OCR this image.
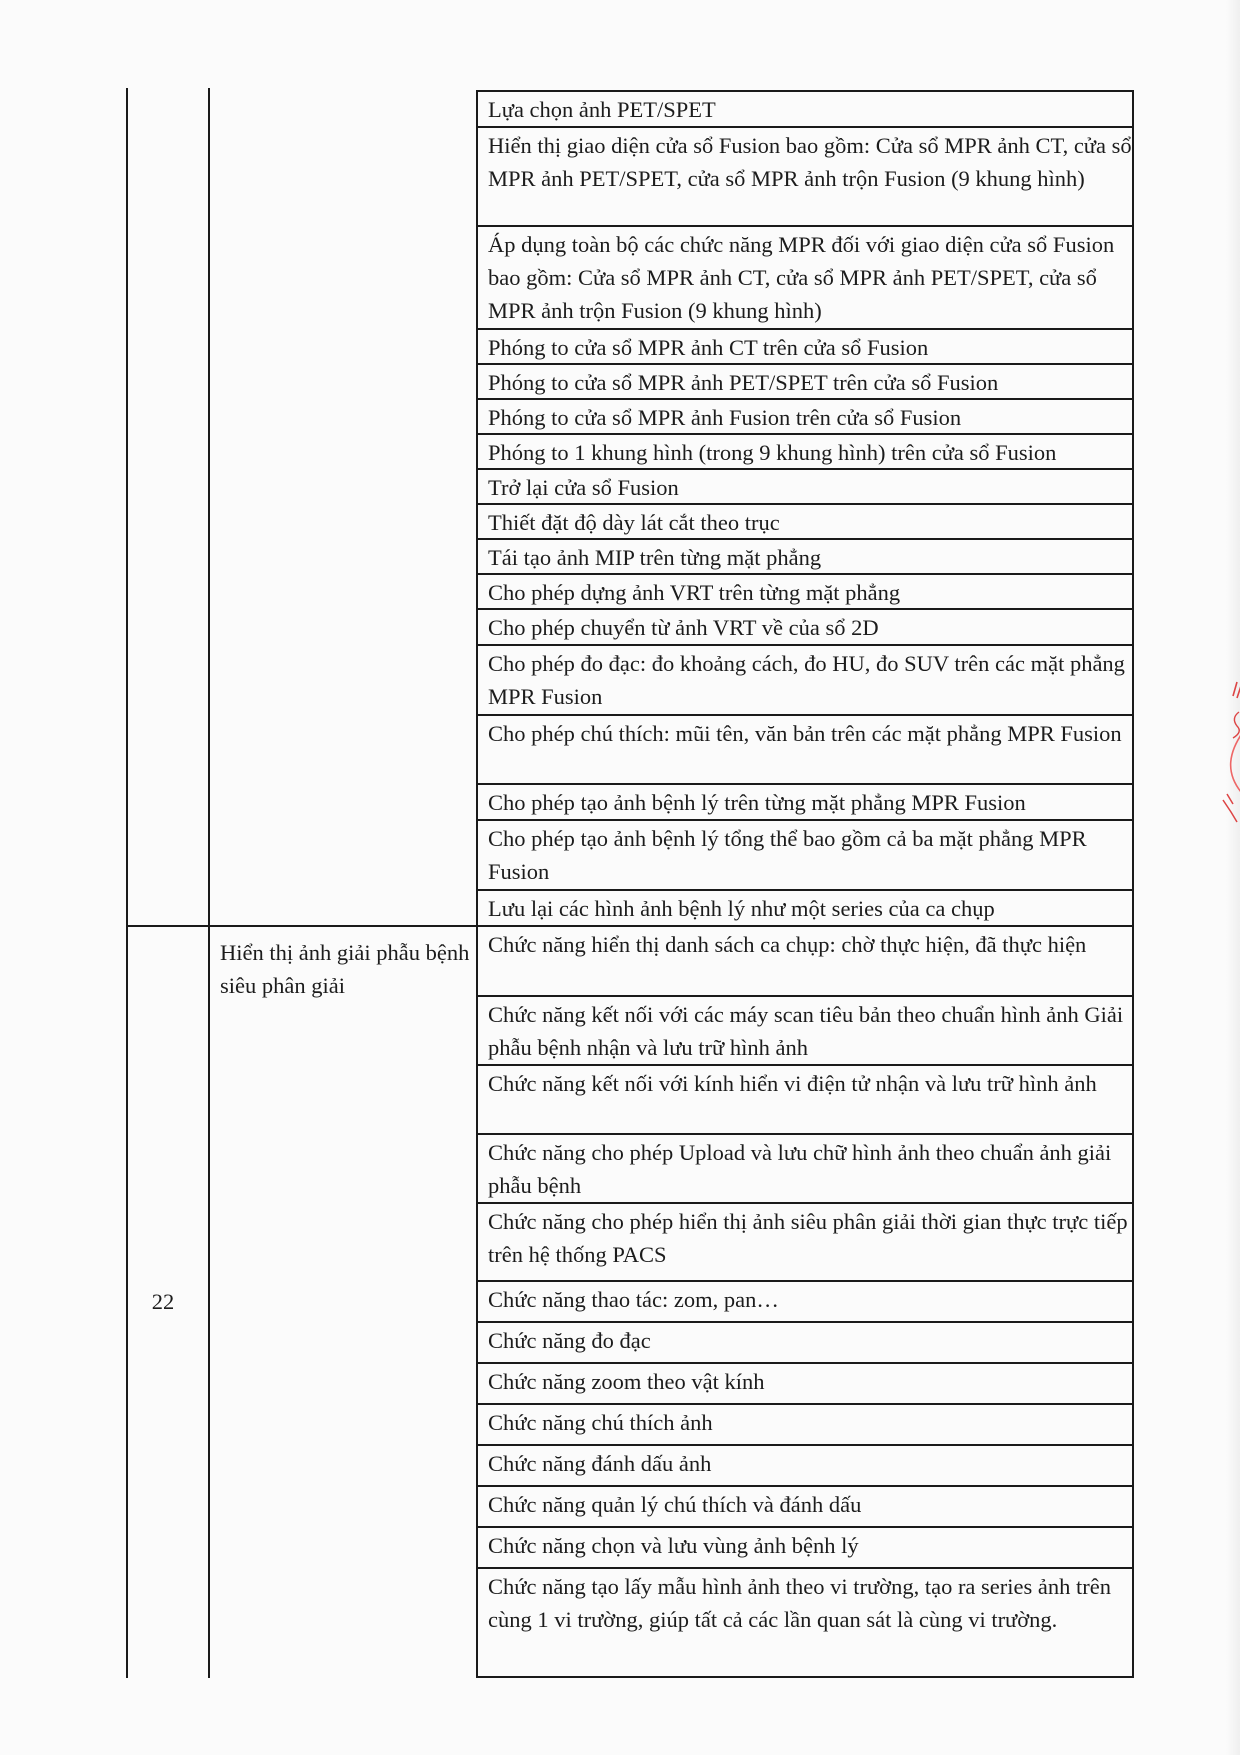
22
Hiển thị ảnh giải phẫu bệnh siêu phân giải
Lựa chọn ảnh PET/SPET
Hiển thị giao diện cửa sổ Fusion bao gồm: Cửa sổ MPR ảnh CT, cửa sổ MPR ảnh PET/SPET, cửa sổ MPR ảnh trộn Fusion (9 khung hình)
Áp dụng toàn bộ các chức năng MPR đối với giao diện cửa sổ Fusion bao gồm: Cửa sổ MPR ảnh CT, cửa sổ MPR ảnh PET/SPET, cửa sổ MPR ảnh trộn Fusion (9 khung hình)
Phóng to cửa sổ MPR ảnh CT trên cửa sổ Fusion
Phóng to cửa sổ MPR ảnh PET/SPET trên cửa sổ Fusion
Phóng to cửa sổ MPR ảnh Fusion trên cửa sổ Fusion
Phóng to 1 khung hình (trong 9 khung hình) trên cửa sổ Fusion
Trở lại cửa sổ Fusion
Thiết đặt độ dày lát cắt theo trục
Tái tạo ảnh MIP trên từng mặt phẳng
Cho phép dựng ảnh VRT trên từng mặt phẳng
Cho phép chuyển từ ảnh VRT về của sổ 2D
Cho phép đo đạc: đo khoảng cách, đo HU, đo SUV trên các mặt phẳng MPR Fusion
Cho phép chú thích: mũi tên, văn bản trên các mặt phẳng MPR Fusion
Cho phép tạo ảnh bệnh lý trên từng mặt phẳng MPR Fusion
Cho phép tạo ảnh bệnh lý tổng thể bao gồm cả ba mặt phẳng MPR Fusion
Lưu lại các hình ảnh bệnh lý như một series của ca chụp
Chức năng hiển thị danh sách ca chụp: chờ thực hiện, đã thực hiện
Chức năng kết nối với các máy scan tiêu bản theo chuẩn hình ảnh Giải phẫu bệnh nhận và lưu trữ hình ảnh
Chức năng kết nối với kính hiển vi điện tử nhận và lưu trữ hình ảnh
Chức năng cho phép Upload và lưu chữ hình ảnh theo chuẩn ảnh giải phẫu bệnh
Chức năng cho phép hiển thị ảnh siêu phân giải thời gian thực trực tiếp trên hệ thống PACS
Chức năng thao tác: zom, pan…
Chức năng đo đạc
Chức năng zoom theo vật kính
Chức năng chú thích ảnh
Chức năng đánh dấu ảnh
Chức năng quản lý chú thích và đánh dấu
Chức năng chọn và lưu vùng ảnh bệnh lý
Chức năng tạo lấy mẫu hình ảnh theo vi trường, tạo ra series ảnh trên cùng 1 vi trường, giúp tất cả các lần quan sát là cùng vi trường.
